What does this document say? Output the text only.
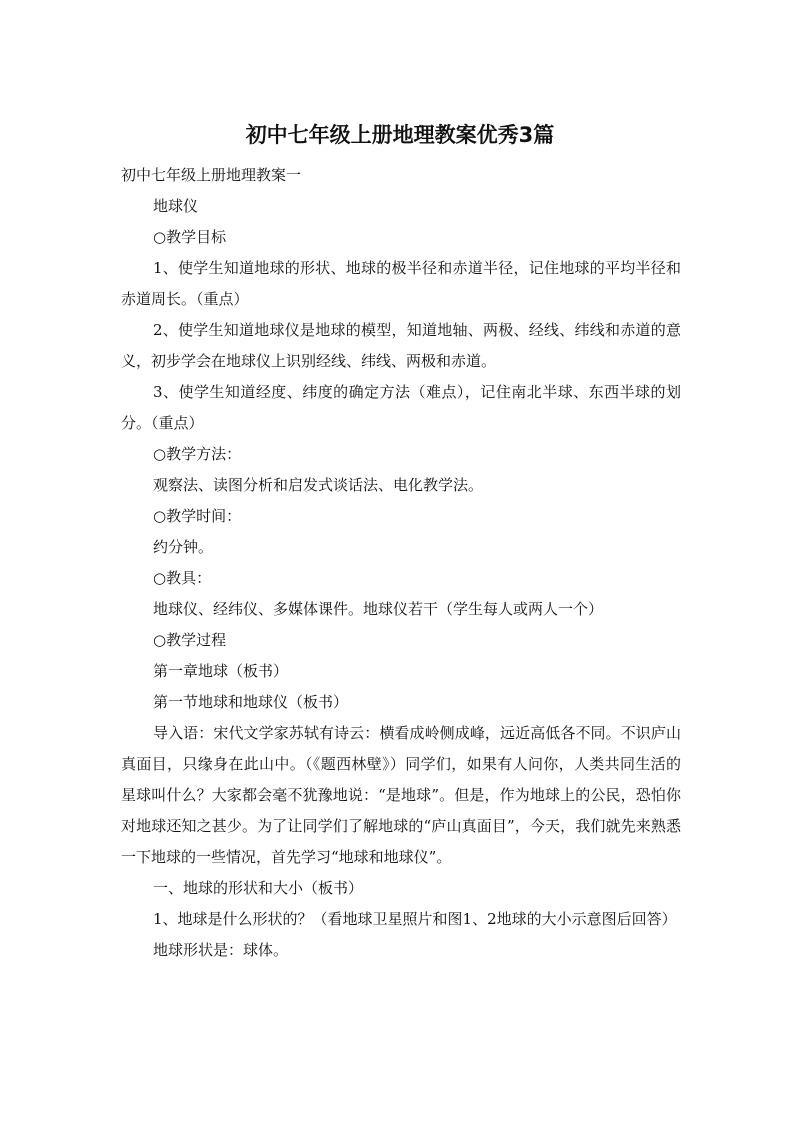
初中七年级上册地理教案优秀3篇

初中七年级上册地理教案一

地球仪

○教学目标

1、使学生知道地球的形状、地球的极半径和赤道半径，记住地球的平均半径和赤道周长。（重点）

2、使学生知道地球仪是地球的模型，知道地轴、两极、经线、纬线和赤道的意义，初步学会在地球仪上识别经线、纬线、两极和赤道。

3、使学生知道经度、纬度的确定方法（难点），记住南北半球、东西半球的划分。（重点）

○教学方法：

观察法、读图分析和启发式谈话法、电化教学法。

○教学时间：

约分钟。

○教具：

地球仪、经纬仪、多媒体课件。地球仪若干（学生每人或两人一个）

○教学过程

第一章地球（板书）

第一节地球和地球仪（板书）

导入语：宋代文学家苏轼有诗云：横看成岭侧成峰，远近高低各不同。不识庐山真面目，只缘身在此山中。（《题西林壁》）同学们，如果有人问你，人类共同生活的星球叫什么？大家都会毫不犹豫地说：“是地球”。但是，作为地球上的公民，恐怕你对地球还知之甚少。为了让同学们了解地球的“庐山真面目”，今天，我们就先来熟悉一下地球的一些情况，首先学习“地球和地球仪”。

一、地球的形状和大小（板书）

1、地球是什么形状的？（看地球卫星照片和图1、2地球的大小示意图后回答）

地球形状是：球体。
